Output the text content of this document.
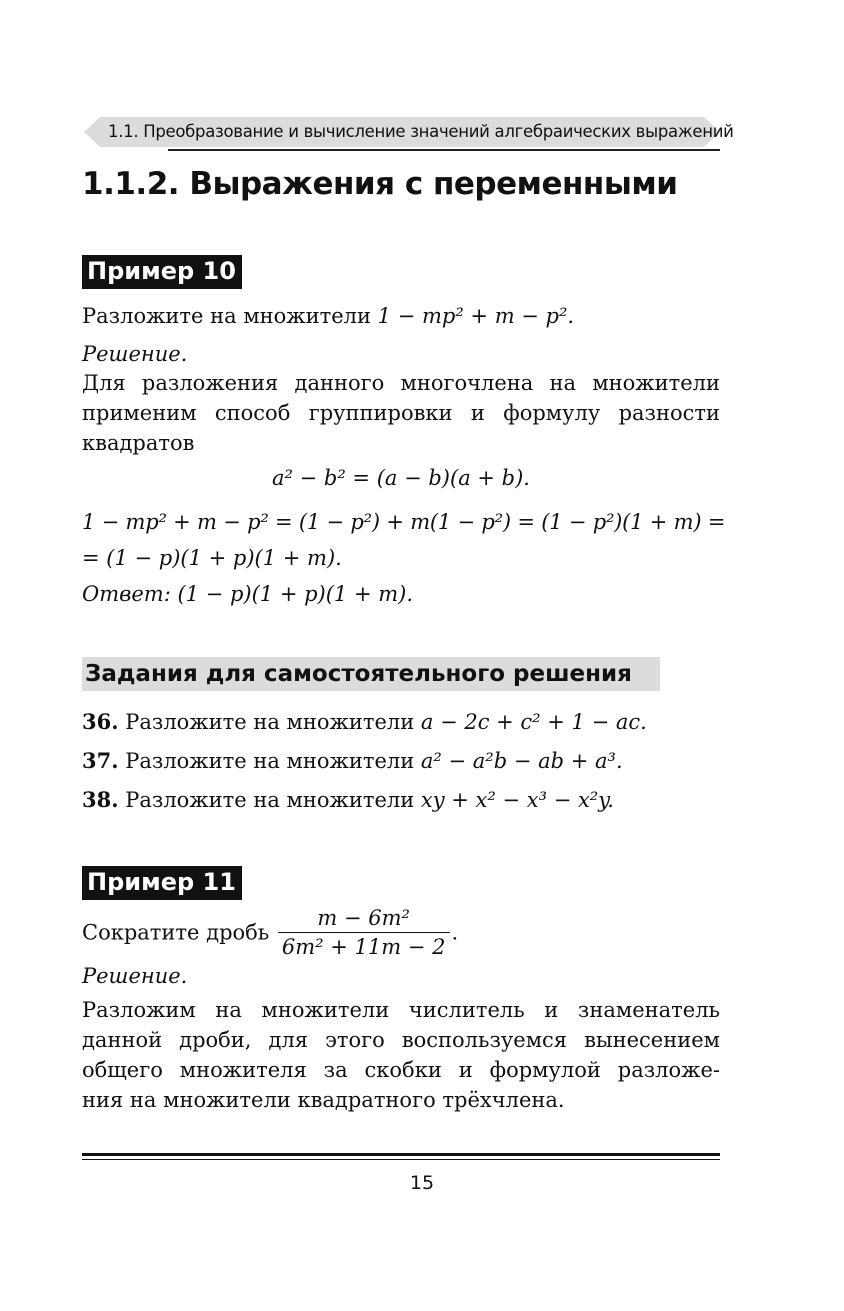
1.1. Преобразование и вычисление значений алгебраических выражений
1.1.2. Выражения с переменными
Пример 10
Разложите на множители 1 − mp² + m − p².
Решение.
Для разложения данного многочлена на множители
применим способ группировки и формулу разности
квадратов
a² − b² = (a − b)(a + b).
1 − mp² + m − p² = (1 − p²) + m(1 − p²) = (1 − p²)(1 + m) =
= (1 − p)(1 + p)(1 + m).
Ответ: (1 − p)(1 + p)(1 + m).
Задания для самостоятельного решения
36. Разложите на множители a − 2c + c² + 1 − ac.
37. Разложите на множители a² − a²b − ab + a³.
38. Разложите на множители xy + x² − x³ − x²y.
Пример 11
Сократите дробь $\frac{\text{m − 6m²}}{\text{6m² + 11m − 2}}$ .
Решение.
Разложим на множители числитель и знаменатель
данной дроби, для этого воспользуемся вынесением
общего множителя за скобки и формулой разложе-
ния на множители квадратного трёхчлена.
15
